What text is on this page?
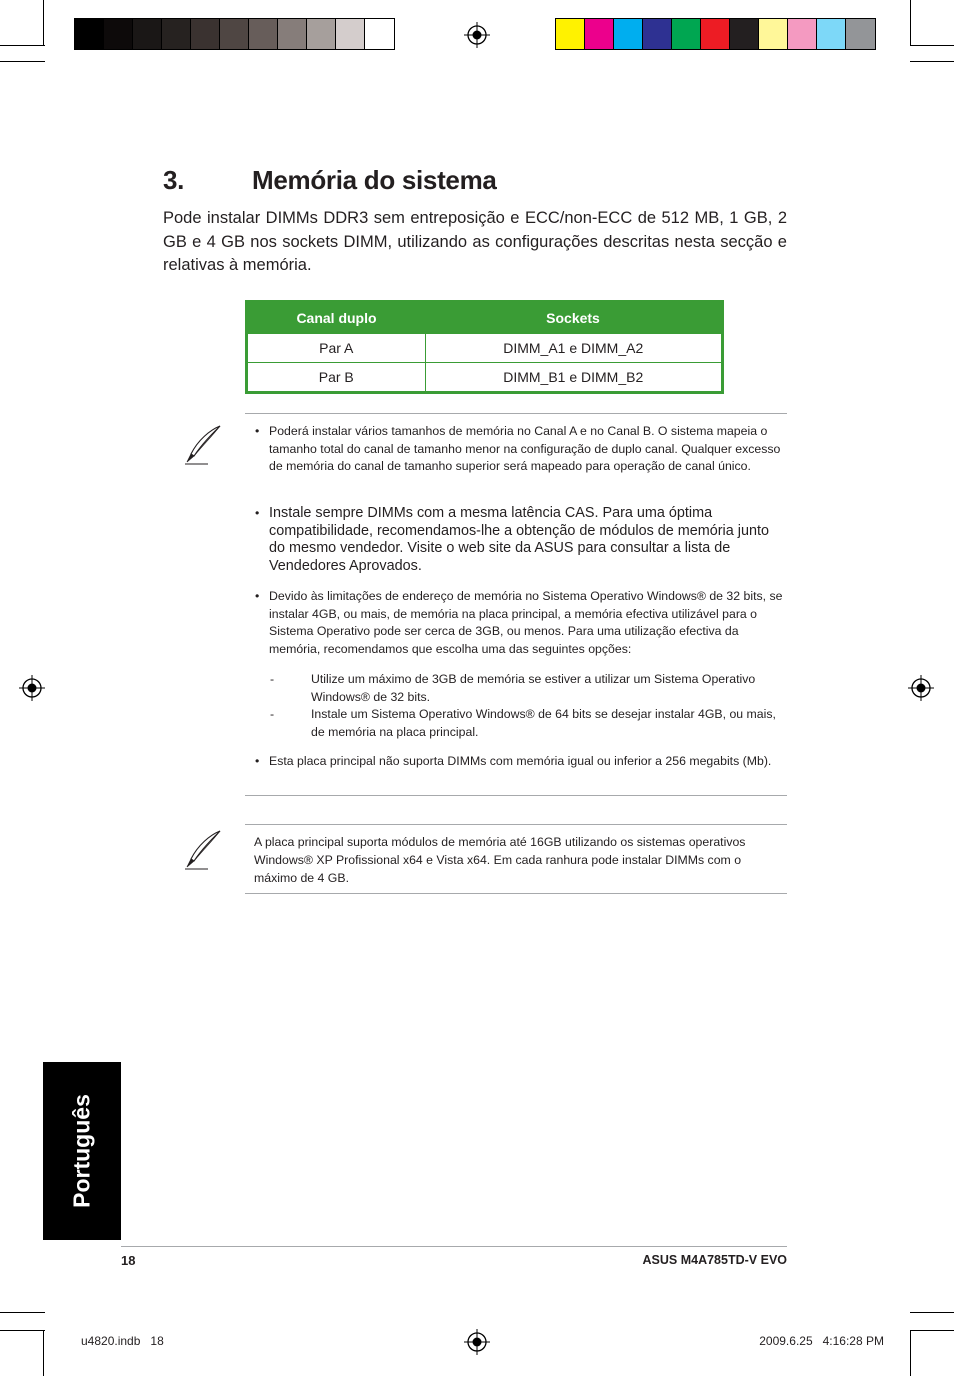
3.	Memória do sistema
Pode instalar DIMMs DDR3 sem entreposição e ECC/non-ECC de 512 MB, 1 GB, 2 GB e 4 GB nos sockets DIMM, utilizando as configurações descritas nesta secção e relativas à memória.
Canal duplo	Sockets
Par A	DIMM_A1 e DIMM_A2
Par B	DIMM_B1 e DIMM_B2
• Poderá instalar vários tamanhos de memória no Canal A e no Canal B. O sistema mapeia o tamanho total do canal de tamanho menor na configuração de duplo canal. Qualquer excesso de memória do canal de tamanho superior será mapeado para operação de canal único.
• Instale sempre DIMMs com a mesma latência CAS. Para uma óptima compatibilidade, recomendamos-lhe a obtenção de módulos de memória junto do mesmo vendedor. Visite o web site da ASUS para consultar a lista de Vendedores Aprovados.
• Devido às limitações de endereço de memória no Sistema Operativo Windows® de 32 bits, se instalar 4GB, ou mais, de memória na placa principal, a memória efectiva utilizável para o Sistema Operativo pode ser cerca de 3GB, ou menos. Para uma utilização efectiva da memória, recomendamos que escolha uma das seguintes opções:
-	Utilize um máximo de 3GB de memória se estiver a utilizar um Sistema Operativo Windows® de 32 bits.
-	Instale um Sistema Operativo Windows® de 64 bits se desejar instalar 4GB, ou mais, de memória na placa principal.
• Esta placa principal não suporta DIMMs com memória igual ou inferior a 256 megabits (Mb).
A placa principal suporta módulos de memória até 16GB utilizando os sistemas operativos Windows® XP Profissional x64 e Vista x64. Em cada ranhura pode instalar DIMMs com o máximo de 4 GB.
Português
18	ASUS M4A785TD-V EVO
u4820.indb   18	2009.6.25   4:16:28 PM
